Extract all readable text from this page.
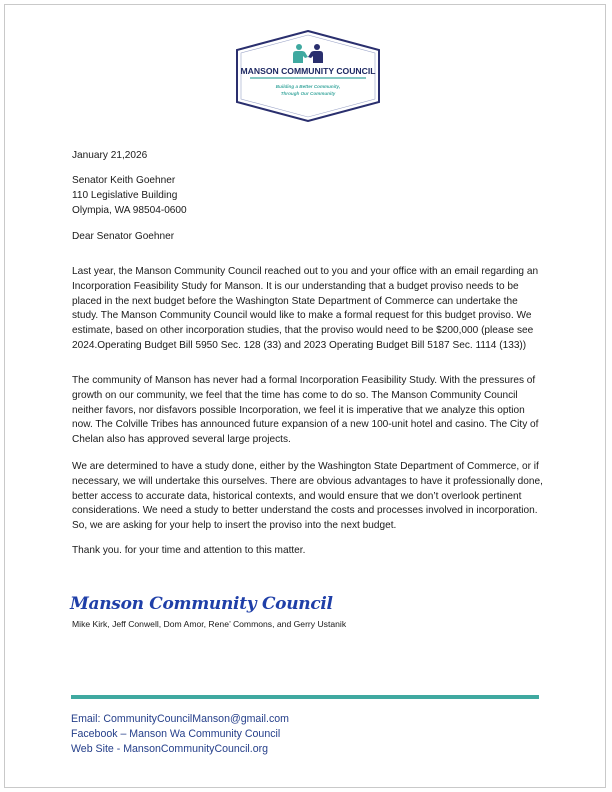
MANSON COMMUNITY COUNCIL
Building a Better Community,
Through Our Community
January 21,2026
Senator Keith Goehner
110 Legislative Building
Olympia, WA 98504-0600
Dear Senator Goehner

Last year, the Manson Community Council reached out to you and your office with an email regarding an Incorporation Feasibility Study for Manson. It is our understanding that a budget proviso needs to be placed in the next budget before the Washington State Department of Commerce can undertake the study. The Manson Community Council would like to make a formal request for this budget proviso. We estimate, based on other incorporation studies, that the proviso would need to be $200,000 (please see 2024.Operating Budget Bill 5950 Sec. 128 (33) and 2023 Operating Budget Bill 5187 Sec. 1114 (133))

The community of Manson has never had a formal Incorporation Feasibility Study. With the pressures of growth on our community, we feel that the time has come to do so. The Manson Community Council neither favors, nor disfavors possible Incorporation, we feel it is imperative that we analyze this option now. The Colville Tribes has announced future expansion of a new 100-unit hotel and casino. The City of Chelan also has approved several large projects.

We are determined to have a study done, either by the Washington State Department of Commerce, or if necessary, we will undertake this ourselves. There are obvious advantages to have it professionally done, better access to accurate data, historical contexts, and would ensure that we don’t overlook pertinent considerations. We need a study to better understand the costs and processes involved in incorporation. So, we are asking for your help to insert the proviso into the next budget.

Thank you. for your time and attention to this matter.
Manson Community Council
Mike Kirk, Jeff Conwell, Dom Amor, Rene’ Commons, and Gerry Ustanik
Email: CommunityCouncilManson@gmail.com
Facebook – Manson Wa Community Council
Web Site - MansonCommunityCouncil.org
